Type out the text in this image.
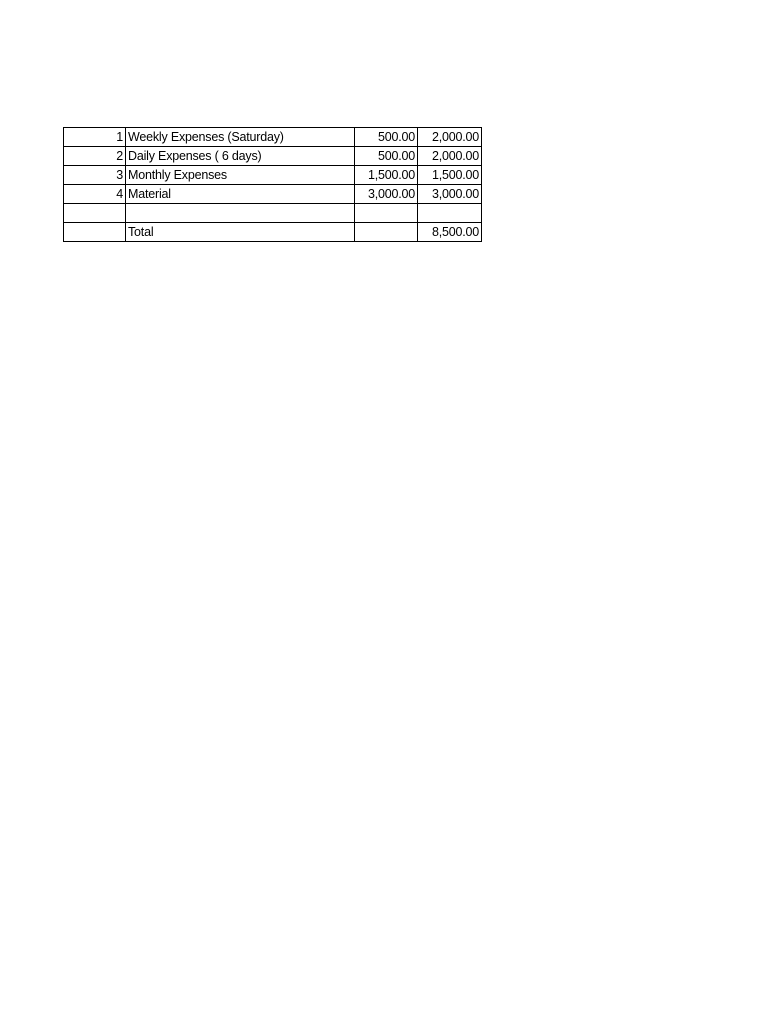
1	Weekly Expenses (Saturday)	500.00	2,000.00
2	Daily Expenses ( 6 days)	500.00	2,000.00
3	Monthly Expenses	1,500.00	1,500.00
4	Material	3,000.00	3,000.00

	Total		8,500.00
